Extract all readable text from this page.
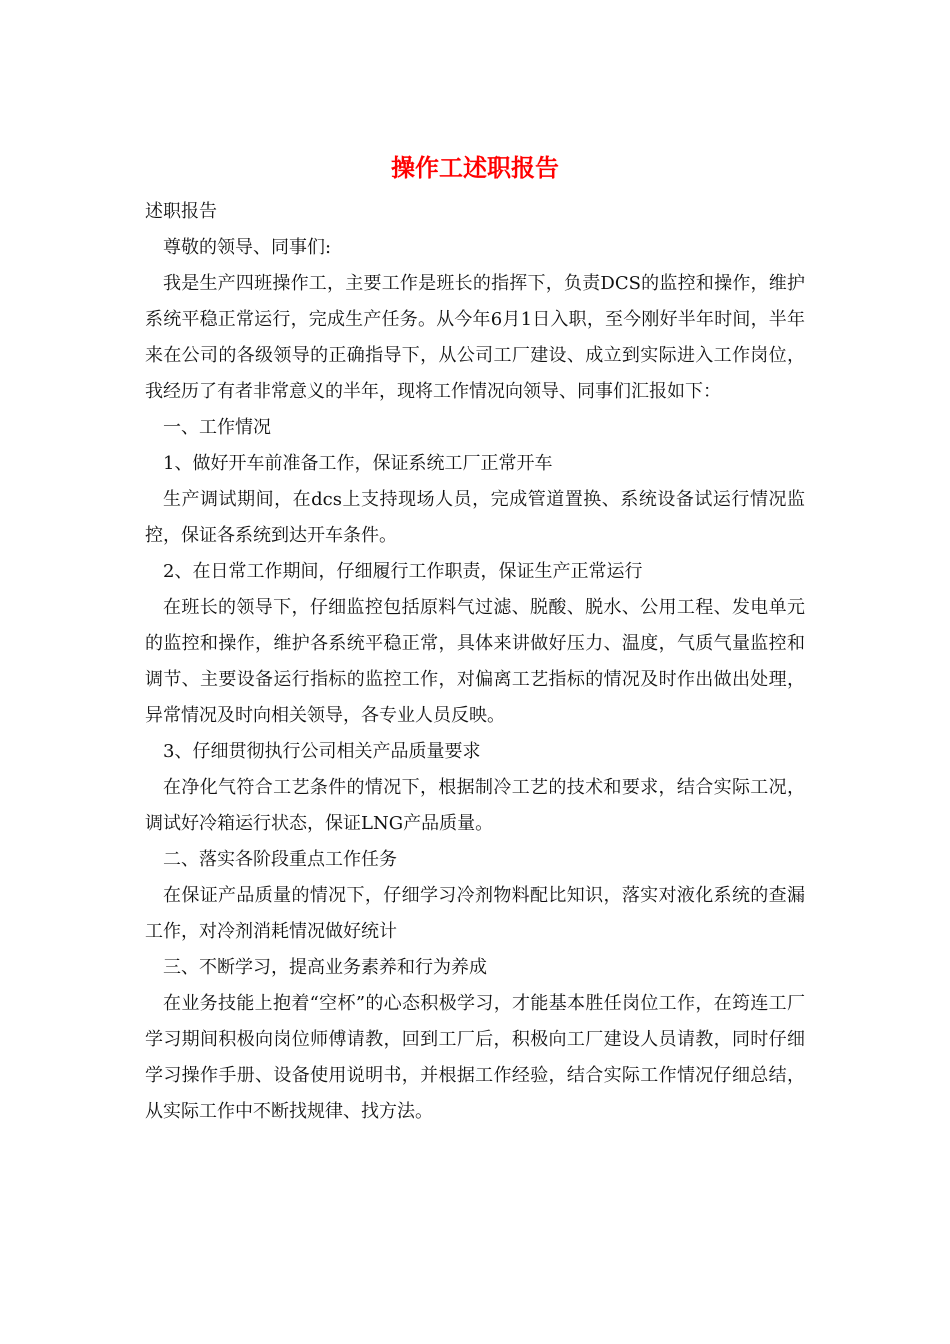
操作工述职报告

述职报告

尊敬的领导、同事们:

我是生产四班操作工，主要工作是班长的指挥下，负责DCS的监控和操作，维护系统平稳正常运行，完成生产任务。从今年6月1日入职，至今刚好半年时间，半年来在公司的各级领导的正确指导下，从公司工厂建设、成立到实际进入工作岗位，我经历了有者非常意义的半年，现将工作情况向领导、同事们汇报如下：

一、工作情况

1、做好开车前准备工作，保证系统工厂正常开车

生产调试期间，在dcs上支持现场人员，完成管道置换、系统设备试运行情况监控，保证各系统到达开车条件。

2、在日常工作期间，仔细履行工作职责，保证生产正常运行

在班长的领导下，仔细监控包括原料气过滤、脱酸、脱水、公用工程、发电单元的监控和操作，维护各系统平稳正常，具体来讲做好压力、温度，气质气量监控和调节、主要设备运行指标的监控工作，对偏离工艺指标的情况及时作出做出处理，异常情况及时向相关领导，各专业人员反映。

3、仔细贯彻执行公司相关产品质量要求

在净化气符合工艺条件的情况下，根据制冷工艺的技术和要求，结合实际工况，调试好冷箱运行状态，保证LNG产品质量。

二、落实各阶段重点工作任务

在保证产品质量的情况下，仔细学习冷剂物料配比知识，落实对液化系统的查漏工作，对冷剂消耗情况做好统计

三、不断学习，提高业务素养和行为养成

在业务技能上抱着“空杯”的心态积极学习，才能基本胜任岗位工作，在筠连工厂学习期间积极向岗位师傅请教，回到工厂后，积极向工厂建设人员请教，同时仔细学习操作手册、设备使用说明书，并根据工作经验，结合实际工作情况仔细总结，从实际工作中不断找规律、找方法。
